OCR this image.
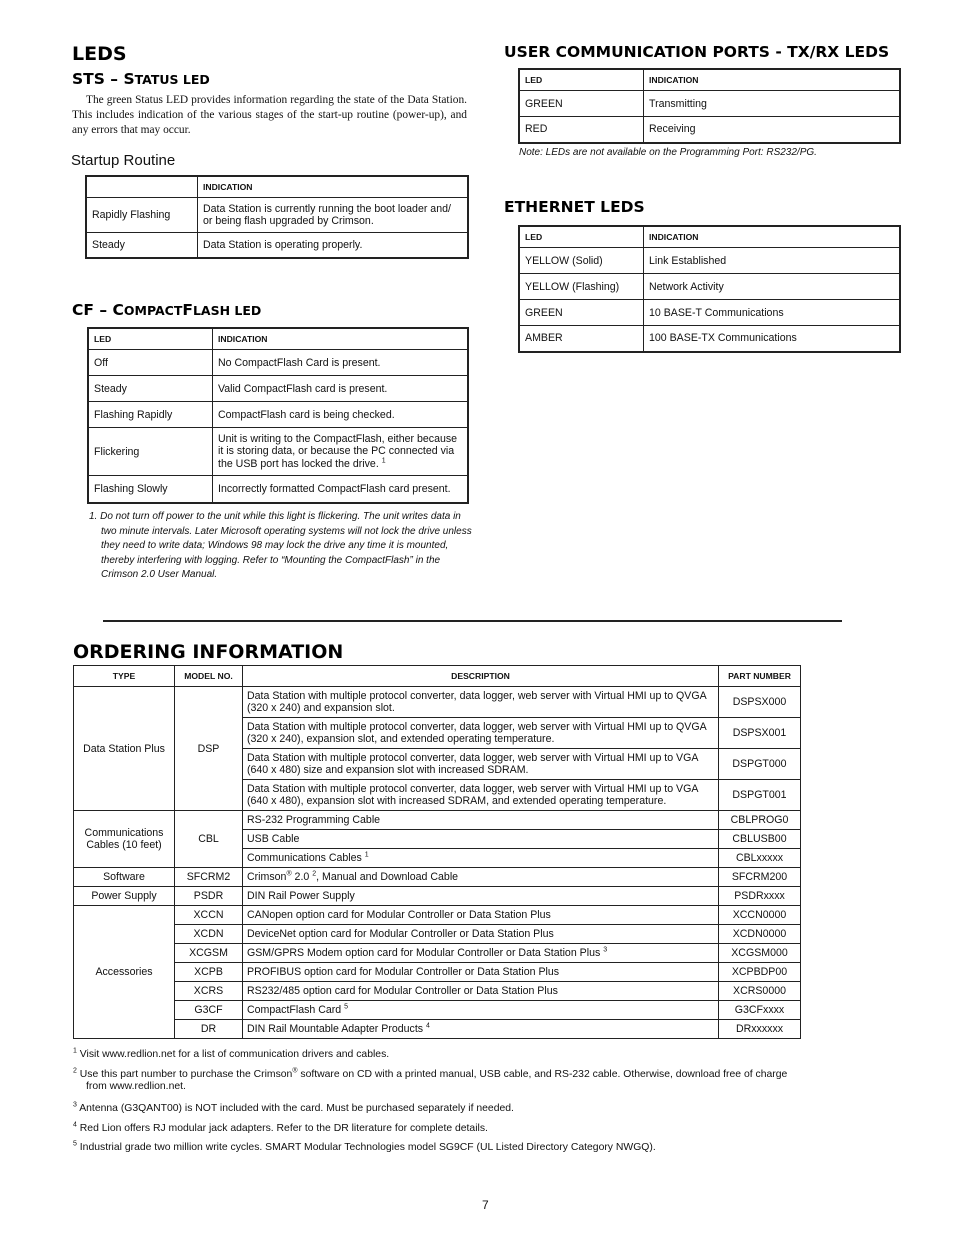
LEDS
STS – STATUS LED

The green Status LED provides information regarding the state of the Data Station. This includes indication of the various stages of the start-up routine (power-up), and any errors that may occur.

Startup Routine
	INDICATION
Rapidly Flashing	Data Station is currently running the boot loader and/ or being flash upgraded by Crimson.
Steady	Data Station is operating properly.
CF – COMPACTFLASH LED
LED	INDICATION
Off	No CompactFlash Card is present.
Steady	Valid CompactFlash card is present.
Flashing Rapidly	CompactFlash card is being checked.
Flickering	Unit is writing to the CompactFlash, either because it is storing data, or because the PC connected via the USB port has locked the drive. $^1$
Flashing Slowly	Incorrectly formatted CompactFlash card present.

1. Do not turn off power to the unit while this light is flickering. The unit writes data in two minute intervals. Later Microsoft operating systems will not lock the drive unless they need to write data; Windows 98 may lock the drive any time it is mounted, thereby interfering with logging. Refer to “Mounting the CompactFlash” in the Crimson 2.0 User Manual.

USER COMMUNICATION PORTS - TX/RX LEDS
LED	INDICATION
GREEN	Transmitting
RED	Receiving
Note: LEDs are not available on the Programming Port: RS232/PG.
ETHERNET LEDS
LED	INDICATION
YELLOW (Solid)	Link Established
YELLOW (Flashing)	Network Activity
GREEN	10 BASE-T Communications
AMBER	100 BASE-TX Communications
ORDERING INFORMATION
TYPE	MODEL NO.	DESCRIPTION	PART NUMBER
Data Station Plus	DSP	Data Station with multiple protocol converter, data logger, web server with Virtual HMI up to QVGA (320 x 240) and expansion slot.	DSPSX000
		Data Station with multiple protocol converter, data logger, web server with Virtual HMI up to QVGA (320 x 240), expansion slot, and extended operating temperature.	DSPSX001
		Data Station with multiple protocol converter, data logger, web server with Virtual HMI up to VGA (640 x 480) size and expansion slot with increased SDRAM.	DSPGT000
		Data Station with multiple protocol converter, data logger, web server with Virtual HMI up to VGA (640 x 480), expansion slot with increased SDRAM, and extended operating temperature.	DSPGT001
Communications Cables (10 feet)	CBL	RS-232 Programming Cable	CBLPROG0
		USB Cable	CBLUSB00
		Communications Cables $^1$	CBLxxxxx
Software	SFCRM2	Crimson® 2.0 $^2$, Manual and Download Cable	SFCRM200
Power Supply	PSDR	DIN Rail Power Supply	PSDRxxxx
Accessories	XCCN	CANopen option card for Modular Controller or Data Station Plus	XCCN0000
	XCDN	DeviceNet option card for Modular Controller or Data Station Plus	XCDN0000
	XCGSM	GSM/GPRS Modem option card for Modular Controller or Data Station Plus $^3$	XCGSM000
	XCPB	PROFIBUS option card for Modular Controller or Data Station Plus	XCPBDP00
	XCRS	RS232/485 option card for Modular Controller or Data Station Plus	XCRS0000
	G3CF	CompactFlash Card $^5$	G3CFxxxx
	DR	DIN Rail Mountable Adapter Products $^4$	DRxxxxxx
$^1$ Visit www.redlion.net for a list of communication drivers and cables.
$^2$ Use this part number to purchase the Crimson® software on CD with a printed manual, USB cable, and RS-232 cable. Otherwise, download free of charge
from www.redlion.net.
$^3$ Antenna (G3QANT00) is NOT included with the card. Must be purchased separately if needed.
$^4$ Red Lion offers RJ modular jack adapters. Refer to the DR literature for complete details.
$^5$ Industrial grade two million write cycles. SMART Modular Technologies model SG9CF (UL Listed Directory Category NWGQ).
7
